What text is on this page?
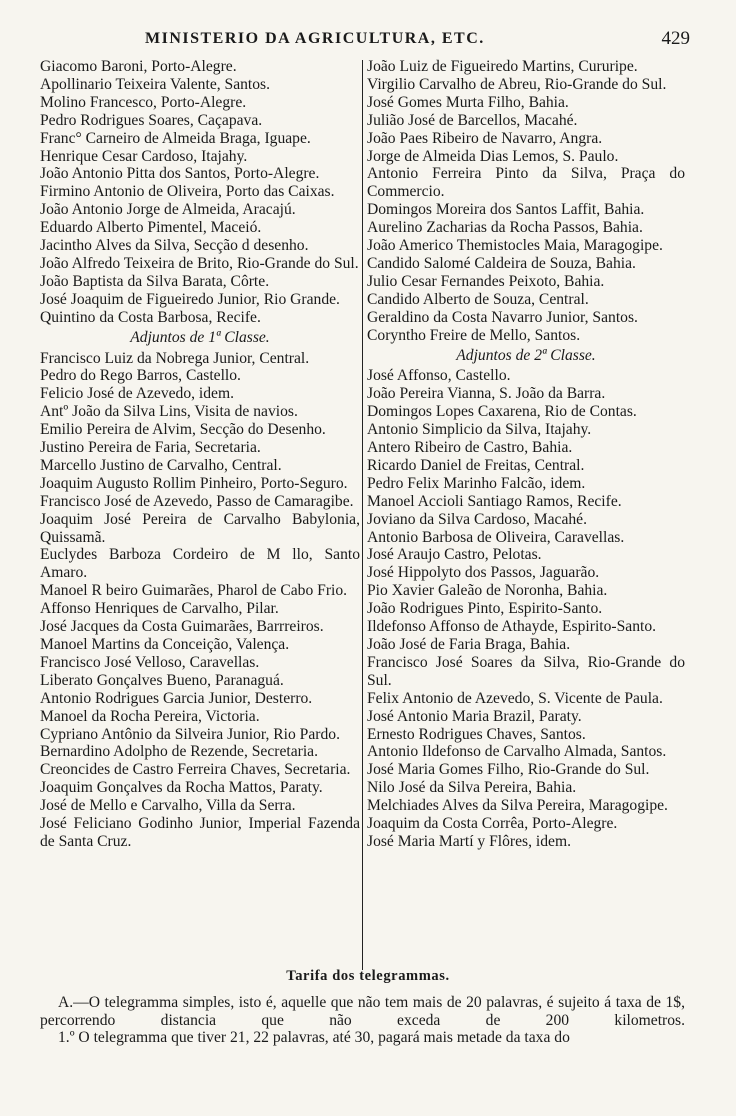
MINISTERIO DA AGRICULTURA, ETC.	429
Giacomo Baroni, Porto-Alegre.
Apollinario Teixeira Valente, Santos.
Molino Francesco, Porto-Alegre.
Pedro Rodrigues Soares, Caçapava.
Franc° Carneiro de Almeida Braga, Iguape.
Henrique Cesar Cardoso, Itajahy.
João Antonio Pitta dos Santos, Porto-Alegre.
Firmino Antonio de Oliveira, Porto das Caixas.
João Antonio Jorge de Almeida, Aracajú.
Eduardo Alberto Pimentel, Maceió.
Jacintho Alves da Silva, Secção d desenho.
João Alfredo Teixeira de Brito, Rio-Grande do Sul.
João Baptista da Silva Barata, Côrte.
José Joaquim de Figueiredo Junior, Rio Grande.
Quintino da Costa Barbosa, Recife.
Adjuntos de 1ª Classe.
Francisco Luiz da Nobrega Junior, Central.
Pedro do Rego Barros, Castello.
Felicio José de Azevedo, idem.
Antº João da Silva Lins, Visita de navios.
Emilio Pereira de Alvim, Secção do Desenho.
Justino Pereira de Faria, Secretaria.
Marcello Justino de Carvalho, Central.
Joaquim Augusto Rollim Pinheiro, Porto-Seguro.
Francisco José de Azevedo, Passo de Camaragibe.
Joaquim José Pereira de Carvalho Babylonia, Quissamã.
Euclydes Barboza Cordeiro de M llo, Santo Amaro.
Manoel R beiro Guimarães, Pharol de Cabo Frio.
Affonso Henriques de Carvalho, Pilar.
José Jacques da Costa Guimarães, Barrreiros.
Manoel Martins da Conceição, Valença.
Francisco José Velloso, Caravellas.
Liberato Gonçalves Bueno, Paranaguá.
Antonio Rodrigues Garcia Junior, Desterro.
Manoel da Rocha Pereira, Victoria.
Cypriano Antônio da Silveira Junior, Rio Pardo.
Bernardino Adolpho de Rezende, Secretaria.
Creoncides de Castro Ferreira Chaves, Secretaria.
Joaquim Gonçalves da Rocha Mattos, Paraty.
José de Mello e Carvalho, Villa da Serra.
José Feliciano Godinho Junior, Imperial Fazenda de Santa Cruz.
João Luiz de Figueiredo Martins, Cururipe.
Virgilio Carvalho de Abreu, Rio-Grande do Sul.
José Gomes Murta Filho, Bahia.
Julião José de Barcellos, Macahé.
João Paes Ribeiro de Navarro, Angra.
Jorge de Almeida Dias Lemos, S. Paulo.
Antonio Ferreira Pinto da Silva, Praça do Commercio.
Domingos Moreira dos Santos Laffit, Bahia.
Aurelino Zacharias da Rocha Passos, Bahia.
João Americo Themistocles Maia, Maragogipe.
Candido Salomé Caldeira de Souza, Bahia.
Julio Cesar Fernandes Peixoto, Bahia.
Candido Alberto de Souza, Central.
Geraldino da Costa Navarro Junior, Santos.
Coryntho Freire de Mello, Santos.
Adjuntos de 2ª Classe.
José Affonso, Castello.
João Pereira Vianna, S. João da Barra.
Domingos Lopes Caxarena, Rio de Contas.
Antonio Simplicio da Silva, Itajahy.
Antero Ribeiro de Castro, Bahia.
Ricardo Daniel de Freitas, Central.
Pedro Felix Marinho Falcão, idem.
Manoel Accioli Santiago Ramos, Recife.
Joviano da Silva Cardoso, Macahé.
Antonio Barbosa de Oliveira, Caravellas.
José Araujo Castro, Pelotas.
José Hippolyto dos Passos, Jaguarão.
Pio Xavier Galeão de Noronha, Bahia.
João Rodrigues Pinto, Espirito-Santo.
Ildefonso Affonso de Athayde, Espirito-Santo.
João José de Faria Braga, Bahia.
Francisco José Soares da Silva, Rio-Grande do Sul.
Felix Antonio de Azevedo, S. Vicente de Paula.
José Antonio Maria Brazil, Paraty.
Ernesto Rodrigues Chaves, Santos.
Antonio Ildefonso de Carvalho Almada, Santos.
José Maria Gomes Filho, Rio-Grande do Sul.
Nilo José da Silva Pereira, Bahia.
Melchiades Alves da Silva Pereira, Maragogipe.
Joaquim da Costa Corrêa, Porto-Alegre.
José Maria Martí y Flôres, idem.
Tarifa dos telegrammas.

A.—O telegramma simples, isto é, aquelle que não tem mais de 20 palavras, é sujeito á taxa de 1$, percorrendo distancia que não exceda de 200 kilometros.

1.º O telegramma que tiver 21, 22 palavras, até 30, pagará mais metade da taxa do
